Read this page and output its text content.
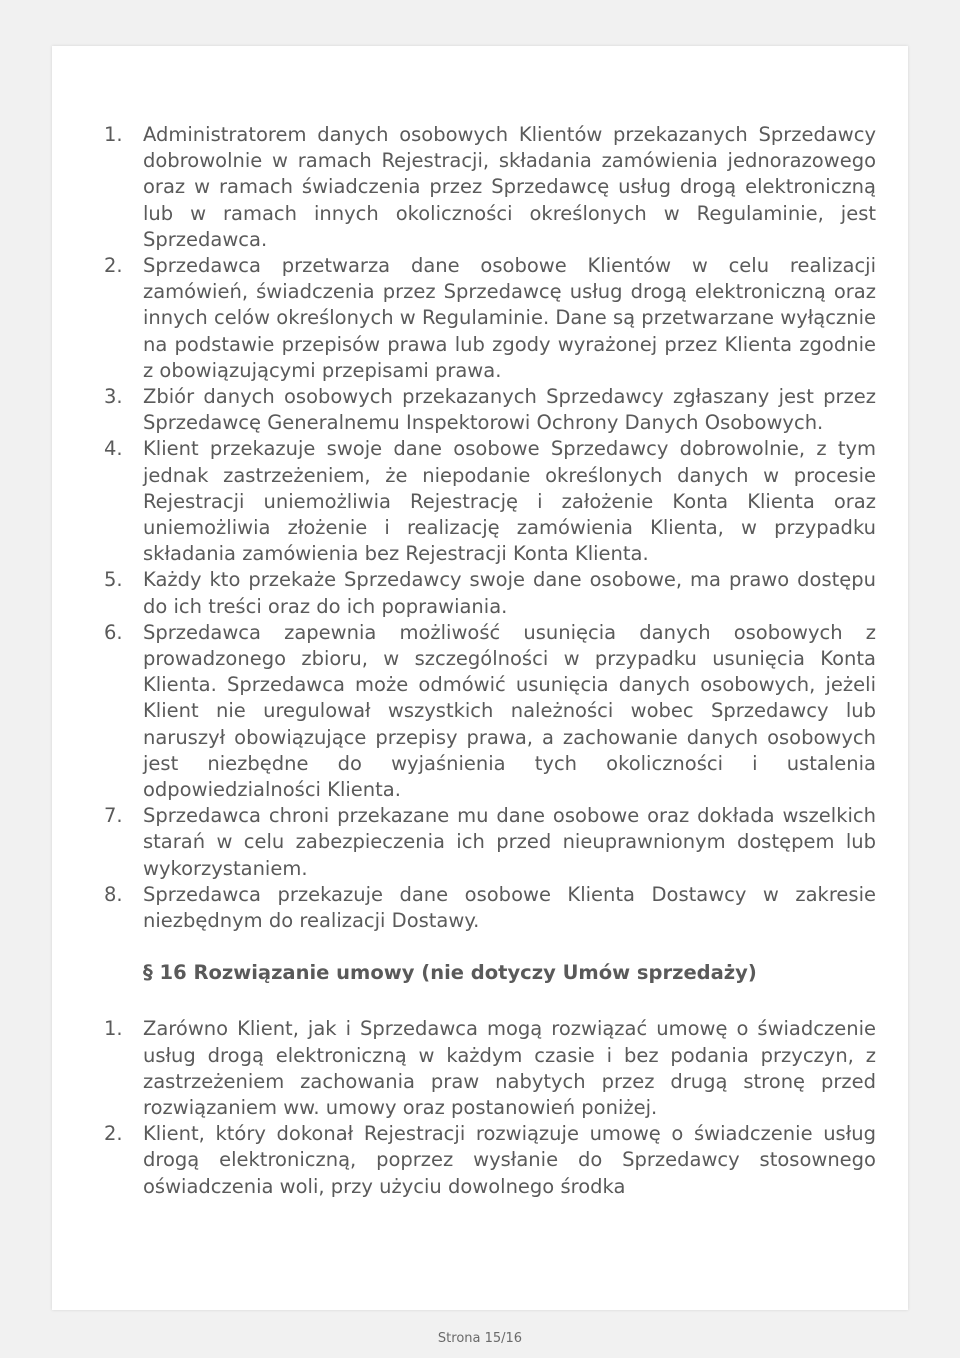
1. Administratorem danych osobowych Klientów przekazanych Sprzedawcy dobrowolnie w ramach Rejestracji, składania zamówienia jednorazowego oraz w ramach świadczenia przez Sprzedawcę usług drogą elektroniczną lub w ramach innych okoliczności określonych w Regulaminie, jest Sprzedawca.
2. Sprzedawca przetwarza dane osobowe Klientów w celu realizacji zamówień, świadczenia przez Sprzedawcę usług drogą elektroniczną oraz innych celów określonych w Regulaminie. Dane są przetwarzane wyłącznie na podstawie przepisów prawa lub zgody wyrażonej przez Klienta zgodnie z obowiązującymi przepisami prawa.
3. Zbiór danych osobowych przekazanych Sprzedawcy zgłaszany jest przez Sprzedawcę Generalnemu Inspektorowi Ochrony Danych Osobowych.
4. Klient przekazuje swoje dane osobowe Sprzedawcy dobrowolnie, z tym jednak zastrzeżeniem, że niepodanie określonych danych w procesie Rejestracji uniemożliwia Rejestrację i założenie Konta Klienta oraz uniemożliwia złożenie i realizację zamówienia Klienta, w przypadku składania zamówienia bez Rejestracji Konta Klienta.
5. Każdy kto przekaże Sprzedawcy swoje dane osobowe, ma prawo dostępu do ich treści oraz do ich poprawiania.
6. Sprzedawca zapewnia możliwość usunięcia danych osobowych z prowadzonego zbioru, w szczególności w przypadku usunięcia Konta Klienta. Sprzedawca może odmówić usunięcia danych osobowych, jeżeli Klient nie uregulował wszystkich należności wobec Sprzedawcy lub naruszył obowiązujące przepisy prawa, a zachowanie danych osobowych jest niezbędne do wyjaśnienia tych okoliczności i ustalenia odpowiedzialności Klienta.
7. Sprzedawca chroni przekazane mu dane osobowe oraz dokłada wszelkich starań w celu zabezpieczenia ich przed nieuprawnionym dostępem lub wykorzystaniem.
8. Sprzedawca przekazuje dane osobowe Klienta Dostawcy w zakresie niezbędnym do realizacji Dostawy.
§ 16 Rozwiązanie umowy (nie dotyczy Umów sprzedaży)
1. Zarówno Klient, jak i Sprzedawca mogą rozwiązać umowę o świadczenie usług drogą elektroniczną w każdym czasie i bez podania przyczyn, z zastrzeżeniem zachowania praw nabytych przez drugą stronę przed rozwiązaniem ww. umowy oraz postanowień poniżej.
2. Klient, który dokonał Rejestracji rozwiązuje umowę o świadczenie usług drogą elektroniczną, poprzez wysłanie do Sprzedawcy stosownego oświadczenia woli, przy użyciu dowolnego środka
Strona 15/16
